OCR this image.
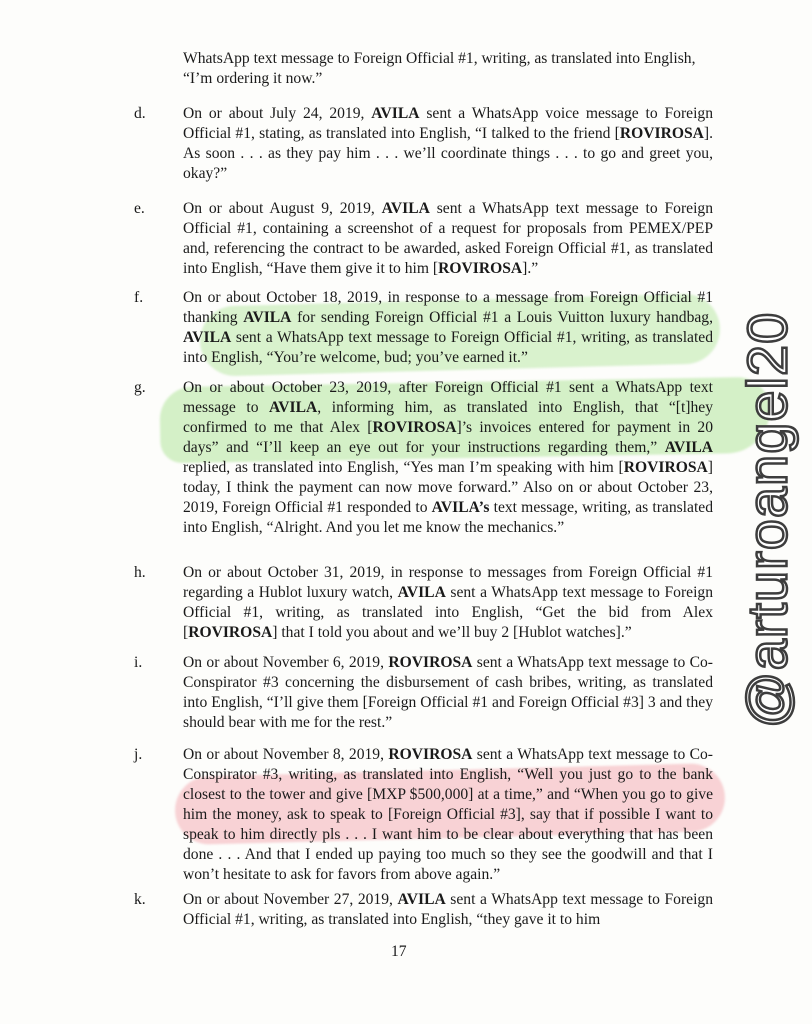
WhatsApp text message to Foreign Official #1, writing, as translated into English,
“I’m ordering it now.”
d. On or about July 24, 2019, AVILA sent a WhatsApp voice message to Foreign Official #1, stating, as translated into English, “I talked to the friend [ROVIROSA]. As soon . . . as they pay him . . . we’ll coordinate things . . . to go and greet you, okay?”
e. On or about August 9, 2019, AVILA sent a WhatsApp text message to Foreign Official #1, containing a screenshot of a request for proposals from PEMEX/PEP and, referencing the contract to be awarded, asked Foreign Official #1, as translated into English, “Have them give it to him [ROVIROSA].”
f.	On or about October 18, 2019, in response to a message from Foreign Official #1 thanking AVILA for sending Foreign Official #1 a Louis Vuitton luxury handbag, AVILA sent a WhatsApp text message to Foreign Official #1, writing, as translated into English, “You’re welcome, bud; you’ve earned it.”
g. On or about October 23, 2019, after Foreign Official #1 sent a WhatsApp text message to AVILA, informing him, as translated into English, that “[t]hey confirmed to me that Alex [ROVIROSA]’s invoices entered for payment in 20 days” and “I’ll keep an eye out for your instructions regarding them,” AVILA replied, as translated into English, “Yes man I’m speaking with him [ROVIROSA] today, I think the payment can now move forward.” Also on or about October 23, 2019, Foreign Official #1 responded to AVILA’s text message, writing, as translated into English, “Alright. And you let me know the mechanics.”
h. On or about October 31, 2019, in response to messages from Foreign Official #1 regarding a Hublot luxury watch, AVILA sent a WhatsApp text message to Foreign Official #1, writing, as translated into English, “Get the bid from Alex [ROVIROSA] that I told you about and we’ll buy 2 [Hublot watches].”
i.	On or about November 6, 2019, ROVIROSA sent a WhatsApp text message to Co-Conspirator #3 concerning the disbursement of cash bribes, writing, as translated into English, “I’ll give them [Foreign Official #1 and Foreign Official #3] 3 and they should bear with me for the rest.”
j.	On or about November 8, 2019, ROVIROSA sent a WhatsApp text message to Co-Conspirator #3, writing, as translated into English, “Well you just go to the bank closest to the tower and give [MXP $500,000] at a time,” and “When you go to give him the money, ask to speak to [Foreign Official #3], say that if possible I want to speak to him directly pls . . . I want him to be clear about everything that has been done . . . And that I ended up paying too much so they see the goodwill and that I won’t hesitate to ask for favors from above again.”
k. On or about November 27, 2019, AVILA sent a WhatsApp text message to Foreign Official #1, writing, as translated into English, “they gave it to him
17
@arturoangel20
